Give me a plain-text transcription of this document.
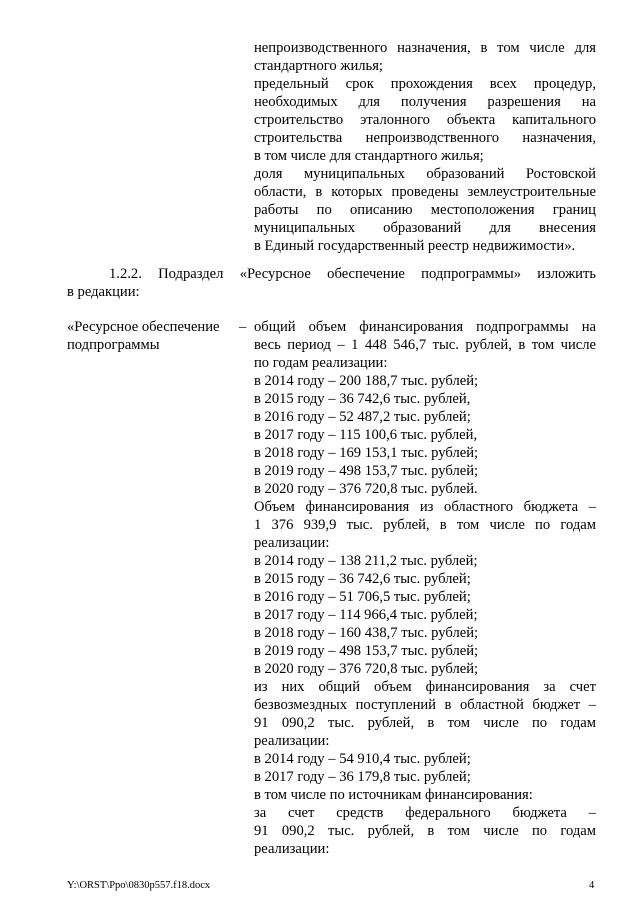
непроизводственного назначения, в том числе для
стандартного жилья;
предельный срок прохождения всех процедур,
необходимых для получения разрешения на
строительство эталонного объекта капитального
строительства непроизводственного назначения,
в том числе для стандартного жилья;
доля муниципальных образований Ростовской
области, в которых проведены землеустроительные
работы по описанию местоположения границ
муниципальных образований для внесения
в Единый государственный реестр недвижимости».
1.2.2. Подраздел «Ресурсное обеспечение подпрограммы» изложить
в редакции:
«Ресурсное обеспечение
подпрограммы
– общий объем финансирования подпрограммы на
весь период – 1 448 546,7 тыс. рублей, в том числе
по годам реализации:
в 2014 году – 200 188,7 тыс. рублей;
в 2015 году – 36 742,6 тыс. рублей,
в 2016 году – 52 487,2 тыс. рублей;
в 2017 году – 115 100,6 тыс. рублей,
в 2018 году – 169 153,1 тыс. рублей;
в 2019 году – 498 153,7 тыс. рублей;
в 2020 году – 376 720,8 тыс. рублей.
Объем финансирования из областного бюджета –
1 376 939,9 тыс. рублей, в том числе по годам
реализации:
в 2014 году – 138 211,2 тыс. рублей;
в 2015 году – 36 742,6 тыс. рублей;
в 2016 году – 51 706,5 тыс. рублей;
в 2017 году – 114 966,4 тыс. рублей;
в 2018 году – 160 438,7 тыс. рублей;
в 2019 году – 498 153,7 тыс. рублей;
в 2020 году – 376 720,8 тыс. рублей;
из них общий объем финансирования за счет
безвозмездных поступлений в областной бюджет –
91 090,2 тыс. рублей, в том числе по годам
реализации:
в 2014 году – 54 910,4 тыс. рублей;
в 2017 году – 36 179,8 тыс. рублей;
в том числе по источникам финансирования:
за счет средств федерального бюджета –
91 090,2 тыс. рублей, в том числе по годам
реализации:
Y:\ORST\Ppo\0830p557.f18.docx	4
